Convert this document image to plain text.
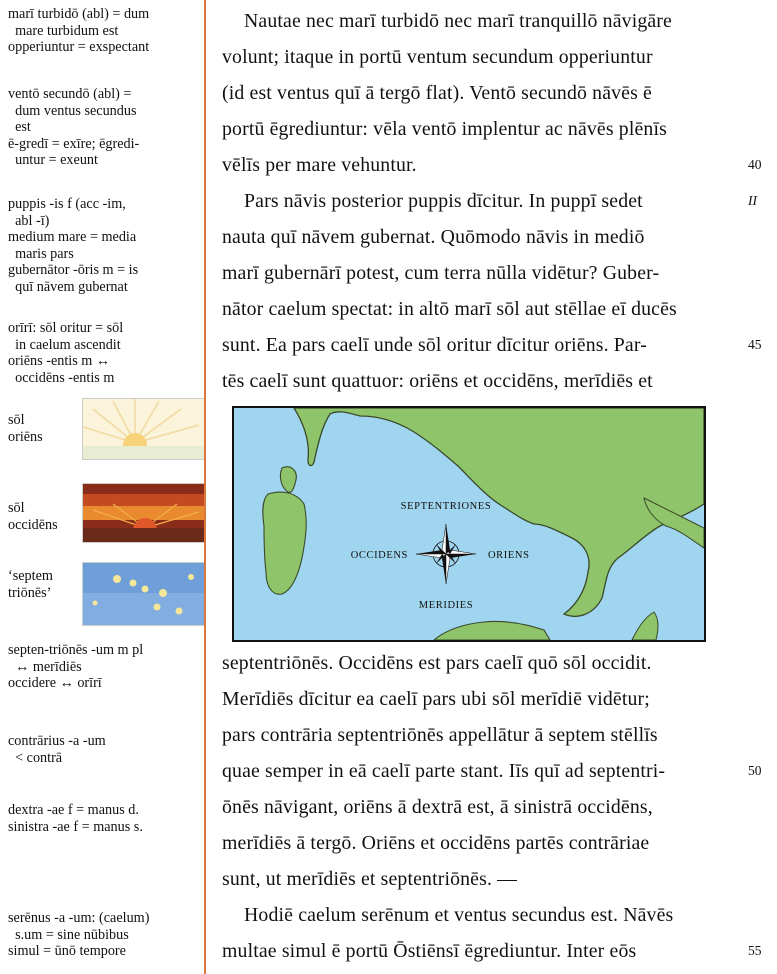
marī turbidō (abl) = dum
mare turbidum est
opperiuntur = exspectant
ventō secundō (abl) =
dum ventus secundus
est
ē-gredī = exīre; ēgredi-
untur = exeunt
puppis -is f (acc -im,
abl -ī)
medium mare = media
maris pars
gubernātor -ōris m = is
quī nāvem gubernat
orīrī: sōl oritur = sōl
in caelum ascendit
oriēns -entis m ↔
occidēns -entis m
sōl
oriēns
sōl
occidēns
‘septem
triōnēs’
septen-triōnēs -um m pl
↔ merīdiēs
occidere ↔ orīrī
contrārius -a -um
< contrā
dextra -ae f = manus d.
sinistra -ae f = manus s.
serēnus -a -um: (caelum)
s.um = sine nūbibus
simul = ūnō tempore
Nautae nec marī turbidō nec marī tranquillō nāvigāre
volunt; itaque in portū ventum secundum opperiuntur
(id est ventus quī ā tergō flat). Ventō secundō nāvēs ē
portū ēgrediuntur: vēla ventō implentur ac nāvēs plēnīs
vēlīs per mare vehuntur.
Pars nāvis posterior puppis dīcitur. In puppī sedet
nauta quī nāvem gubernat. Quōmodo nāvis in mediō
marī gubernārī potest, cum terra nūlla vidētur? Guber-
nātor caelum spectat: in altō marī sōl aut stēllae eī ducēs
sunt. Ea pars caelī unde sōl oritur dīcitur oriēns. Par-
tēs caelī sunt quattuor: oriēns et occidēns, merīdiēs et
septentriōnēs. Occidēns est pars caelī quō sōl occidit.
Merīdiēs dīcitur ea caelī pars ubi sōl merīdiē vidētur;
pars contrāria septentriōnēs appellātur ā septem stēllīs
quae semper in eā caelī parte stant. Iīs quī ad septentri-
ōnēs nāvigant, oriēns ā dextrā est, ā sinistrā occidēns,
merīdiēs ā tergō. Oriēns et occidēns partēs contrāriae
sunt, ut merīdiēs et septentriōnēs. —
Hodiē caelum serēnum et ventus secundus est. Nāvēs
multae simul ē portū Ōstiēnsī ēgrediuntur. Inter eōs
40
II
45
50
55
SEPTENTRIONES
OCCIDENS	ORIENS
MERIDIES
